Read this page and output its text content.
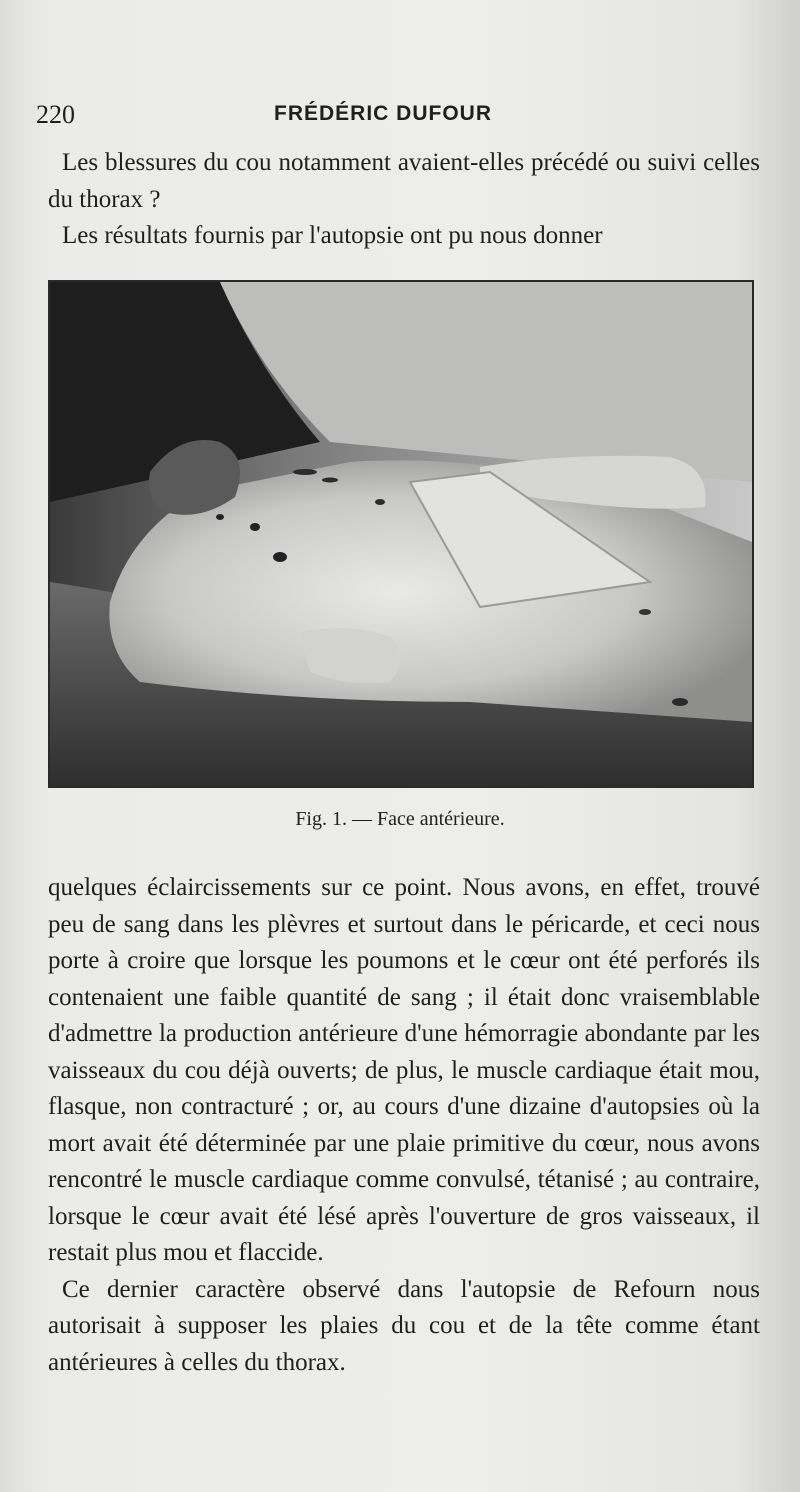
220	FRÉDÉRIC DUFOUR

Les blessures du cou notamment avaient-elles précédé ou suivi celles du thorax ?

Les résultats fournis par l'autopsie ont pu nous donner

Fig. 1. — Face antérieure.

quelques éclaircissements sur ce point. Nous avons, en effet, trouvé peu de sang dans les plèvres et surtout dans le péricarde, et ceci nous porte à croire que lorsque les poumons et le cœur ont été perforés ils contenaient une faible quantité de sang ; il était donc vraisemblable d'admettre la production antérieure d'une hémorragie abondante par les vaisseaux du cou déjà ouverts; de plus, le muscle cardiaque était mou, flasque, non contracturé ; or, au cours d'une dizaine d'autopsies où la mort avait été déterminée par une plaie primitive du cœur, nous avons rencontré le muscle cardiaque comme convulsé, tétanisé ; au contraire, lorsque le cœur avait été lésé après l'ouverture de gros vaisseaux, il restait plus mou et flaccide.

Ce dernier caractère observé dans l'autopsie de Refourn nous autorisait à supposer les plaies du cou et de la tête comme étant antérieures à celles du thorax.
